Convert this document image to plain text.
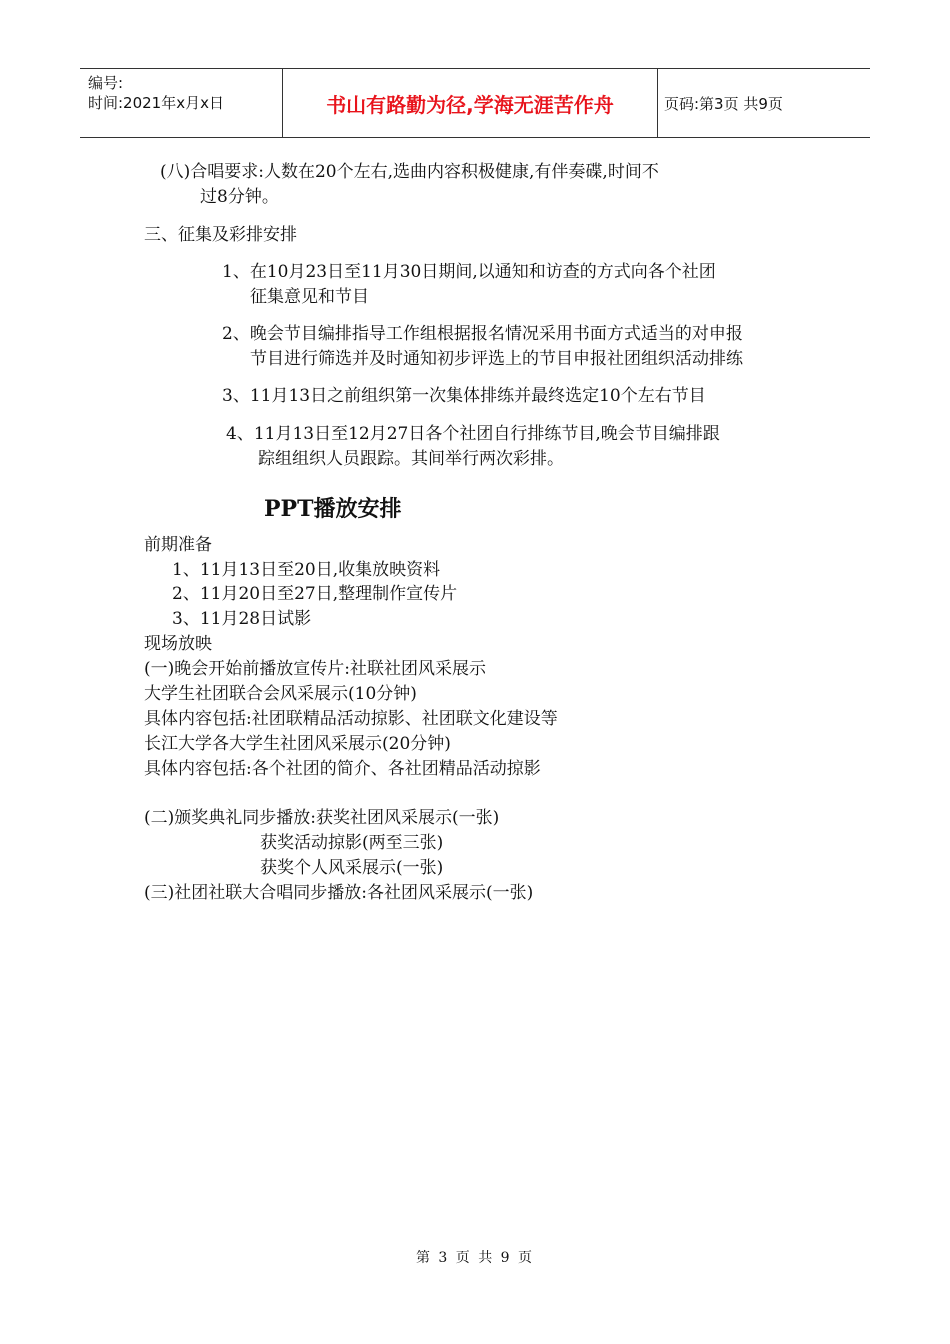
编号:
时间:2021年x月x日	书山有路勤为径,学海无涯苦作舟	页码:第3页 共9页
(八)合唱要求:人数在20个左右,选曲内容积极健康,有伴奏碟,时间不
过8分钟。
三、征集及彩排安排
1、在10月23日至11月30日期间,以通知和访查的方式向各个社团
征集意见和节目
2、晚会节目编排指导工作组根据报名情况采用书面方式适当的对申报
节目进行筛选并及时通知初步评选上的节目申报社团组织活动排练
3、11月13日之前组织第一次集体排练并最终选定10个左右节目
4、11月13日至12月27日各个社团自行排练节目,晚会节目编排跟
踪组组织人员跟踪。其间举行两次彩排。
PPT播放安排
前期准备
1、11月13日至20日,收集放映资料
2、11月20日至27日,整理制作宣传片
3、11月28日试影
现场放映
(一)晚会开始前播放宣传片:社联社团风采展示
大学生社团联合会风采展示(10分钟)
具体内容包括:社团联精品活动掠影、社团联文化建设等
长江大学各大学生社团风采展示(20分钟)
具体内容包括:各个社团的简介、各社团精品活动掠影
(二)颁奖典礼同步播放:获奖社团风采展示(一张)
获奖活动掠影(两至三张)
获奖个人风采展示(一张)
(三)社团社联大合唱同步播放:各社团风采展示(一张)
第 3 页 共 9 页
